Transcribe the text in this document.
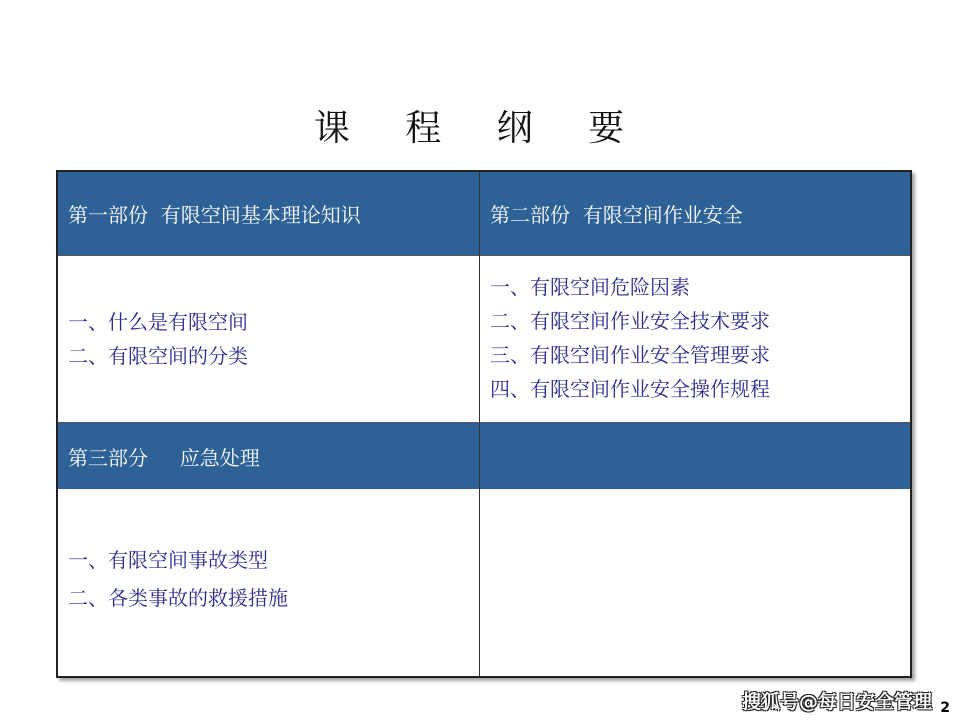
课 程 纲 要
第一部份  有限空间基本理论知识	第二部份  有限空间作业安全
一、什么是有限空间
二、有限空间的分类
一、有限空间危险因素
二、有限空间作业安全技术要求
三、有限空间作业安全管理要求
四、有限空间作业安全操作规程
第三部分     应急处理
一、有限空间事故类型
二、各类事故的救援措施
搜狐号@每日安全管理 2
